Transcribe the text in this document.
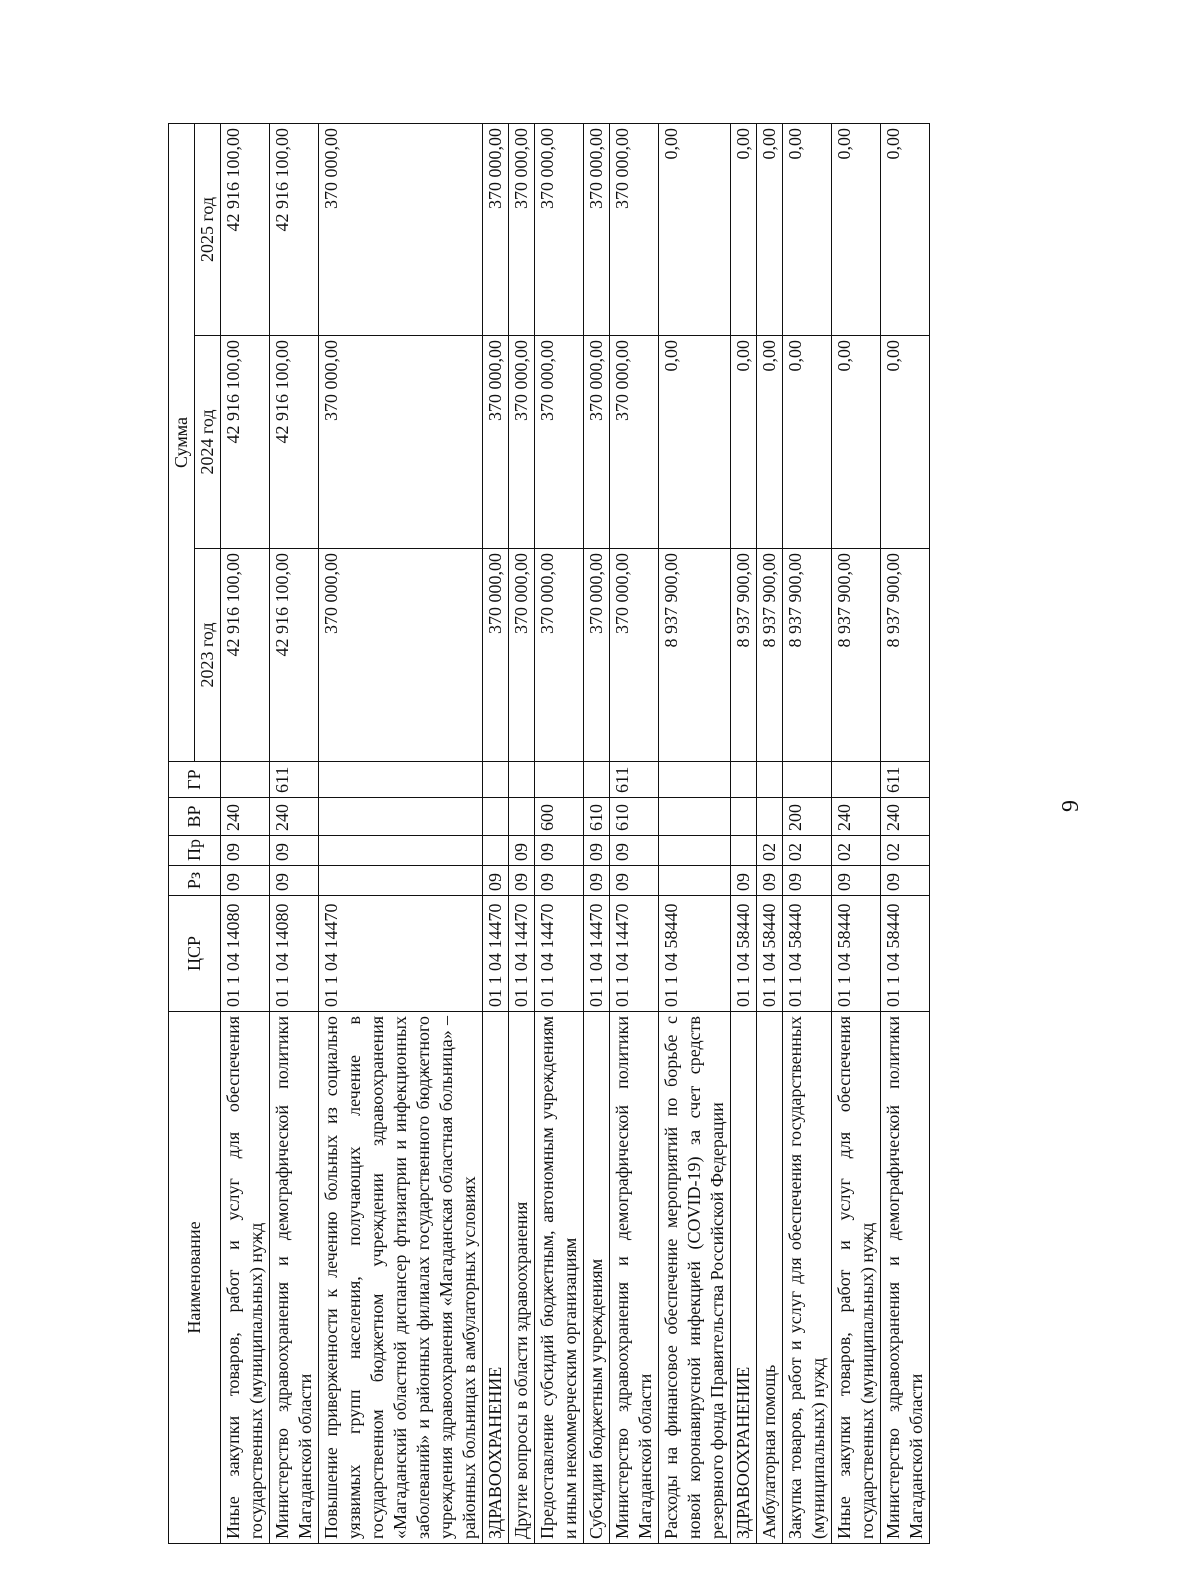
9
Наименование	ЦСР	Рз	Пр	ВР	ГР	Сумма		
						2023 год	2024 год	2025 год
Иные закупки товаров, работ и услуг для обеспечения государственных (муниципальных) нужд	01 1 04 14080	09	09	240		42 916 100,00	42 916 100,00	42 916 100,00
Министерство здравоохранения и демографической политики Магаданской области	01 1 04 14080	09	09	240	611	42 916 100,00	42 916 100,00	42 916 100,00
Повышение приверженности к лечению больных из социально уязвимых групп населения, получающих лечение в государственном бюджетном учреждении здравоохранения «Магаданский областной диспансер фтизиатрии и инфекционных заболеваний» и районных филиалах государственного бюджетного учреждения здравоохранения «Магаданская областная больница» – районных больницах в амбулаторных условиях	01 1 04 14470					370 000,00	370 000,00	370 000,00
ЗДРАВООХРАНЕНИЕ	01 1 04 14470	09				370 000,00	370 000,00	370 000,00
Другие вопросы в области здравоохранения	01 1 04 14470	09	09			370 000,00	370 000,00	370 000,00
Предоставление субсидий бюджетным, автономным учреждениям и иным некоммерческим организациям	01 1 04 14470	09	09	600		370 000,00	370 000,00	370 000,00
Субсидии бюджетным учреждениям	01 1 04 14470	09	09	610		370 000,00	370 000,00	370 000,00
Министерство здравоохранения и демографической политики Магаданской области	01 1 04 14470	09	09	610	611	370 000,00	370 000,00	370 000,00
Расходы на финансовое обеспечение мероприятий по борьбе с новой коронавирусной инфекцией (COVID-19) за счет средств резервного фонда Правительства Российской Федерации	01 1 04 58440					8 937 900,00	0,00	0,00
ЗДРАВООХРАНЕНИЕ	01 1 04 58440	09				8 937 900,00	0,00	0,00
Амбулаторная помощь	01 1 04 58440	09	02			8 937 900,00	0,00	0,00
Закупка товаров, работ и услуг для обеспечения государственных (муниципальных) нужд	01 1 04 58440	09	02	200		8 937 900,00	0,00	0,00
Иные закупки товаров, работ и услуг для обеспечения государственных (муниципальных) нужд	01 1 04 58440	09	02	240		8 937 900,00	0,00	0,00
Министерство здравоохранения и демографической политики Магаданской области	01 1 04 58440	09	02	240	611	8 937 900,00	0,00	0,00
